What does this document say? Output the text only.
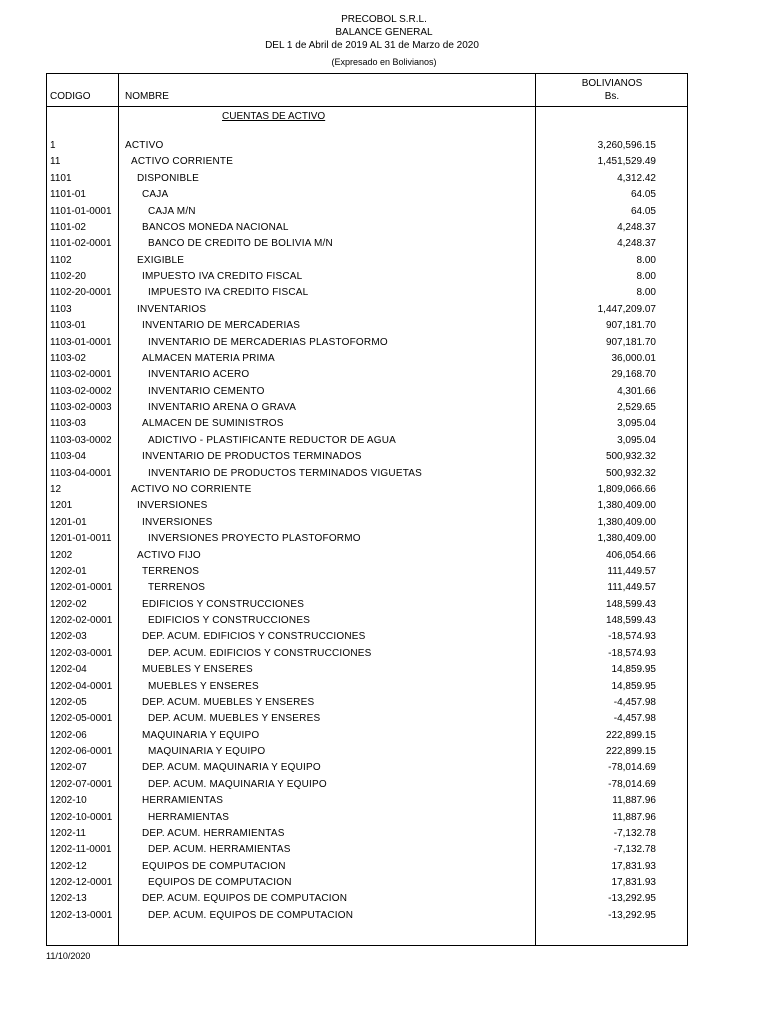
PRECOBOL S.R.L.
BALANCE GENERAL
DEL 1 de Abril de 2019 AL 31 de Marzo de 2020
(Expresado en Bolivianos)
CODIGO	NOMBRE
BOLIVIANOS
Bs.
CUENTAS DE ACTIVO
1	ACTIVO	3,260,596.15
11	ACTIVO CORRIENTE	1,451,529.49
1101	DISPONIBLE	4,312.42
1101-01	CAJA	64.05
1101-01-0001	CAJA M/N	64.05
1101-02	BANCOS MONEDA NACIONAL	4,248.37
1101-02-0001	BANCO DE CREDITO DE BOLIVIA M/N	4,248.37
1102	EXIGIBLE	8.00
1102-20	IMPUESTO IVA CREDITO FISCAL	8.00
1102-20-0001	IMPUESTO IVA CREDITO FISCAL	8.00
1103	INVENTARIOS	1,447,209.07
1103-01	INVENTARIO DE MERCADERIAS	907,181.70
1103-01-0001	INVENTARIO DE MERCADERIAS PLASTOFORMO	907,181.70
1103-02	ALMACEN MATERIA PRIMA	36,000.01
1103-02-0001	INVENTARIO ACERO	29,168.70
1103-02-0002	INVENTARIO CEMENTO	4,301.66
1103-02-0003	INVENTARIO ARENA O GRAVA	2,529.65
1103-03	ALMACEN DE SUMINISTROS	3,095.04
1103-03-0002	ADICTIVO - PLASTIFICANTE REDUCTOR DE AGUA	3,095.04
1103-04	INVENTARIO DE PRODUCTOS TERMINADOS	500,932.32
1103-04-0001	INVENTARIO DE PRODUCTOS TERMINADOS VIGUETAS	500,932.32
12	ACTIVO NO CORRIENTE	1,809,066.66
1201	INVERSIONES	1,380,409.00
1201-01	INVERSIONES	1,380,409.00
1201-01-0011	INVERSIONES PROYECTO PLASTOFORMO	1,380,409.00
1202	ACTIVO FIJO	406,054.66
1202-01	TERRENOS	111,449.57
1202-01-0001	TERRENOS	111,449.57
1202-02	EDIFICIOS Y CONSTRUCCIONES	148,599.43
1202-02-0001	EDIFICIOS Y CONSTRUCCIONES	148,599.43
1202-03	DEP. ACUM. EDIFICIOS Y CONSTRUCCIONES	-18,574.93
1202-03-0001	DEP. ACUM. EDIFICIOS Y CONSTRUCCIONES	-18,574.93
1202-04	MUEBLES Y ENSERES	14,859.95
1202-04-0001	MUEBLES Y ENSERES	14,859.95
1202-05	DEP. ACUM. MUEBLES Y ENSERES	-4,457.98
1202-05-0001	DEP. ACUM. MUEBLES Y ENSERES	-4,457.98
1202-06	MAQUINARIA Y EQUIPO	222,899.15
1202-06-0001	MAQUINARIA Y EQUIPO	222,899.15
1202-07	DEP. ACUM. MAQUINARIA Y EQUIPO	-78,014.69
1202-07-0001	DEP. ACUM. MAQUINARIA Y EQUIPO	-78,014.69
1202-10	HERRAMIENTAS	11,887.96
1202-10-0001	HERRAMIENTAS	11,887.96
1202-11	DEP. ACUM. HERRAMIENTAS	-7,132.78
1202-11-0001	DEP. ACUM. HERRAMIENTAS	-7,132.78
1202-12	EQUIPOS DE COMPUTACION	17,831.93
1202-12-0001	EQUIPOS DE COMPUTACION	17,831.93
1202-13	DEP. ACUM. EQUIPOS DE COMPUTACION	-13,292.95
1202-13-0001	DEP. ACUM. EQUIPOS DE COMPUTACION	-13,292.95
11/10/2020
